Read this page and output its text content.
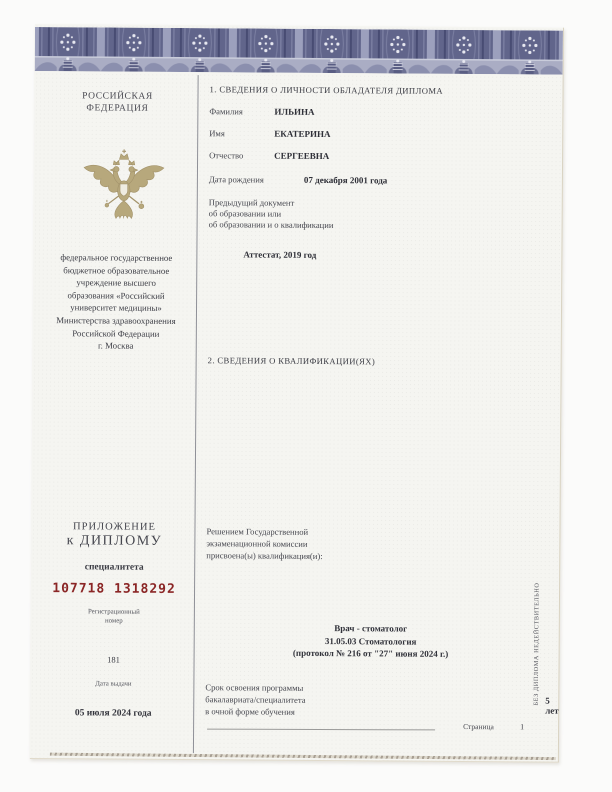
РОССИЙСКАЯ
ФЕДЕРАЦИЯ
федеральное государственное
бюджетное образовательное
учреждение высшего
образования «Российский
университет медицины»
Министерства здравоохранения
Российской Федерации
г. Москва
ПРИЛОЖЕНИЕ
к ДИПЛОМУ
специалитета
107718 1318292
Регистрационный
номер
181
Дата выдачи
05 июля 2024 года
1. СВЕДЕНИЯ О ЛИЧНОСТИ ОБЛАДАТЕЛЯ ДИПЛОМА
Фамилия	ИЛЬИНА
Имя	ЕКАТЕРИНА
Отчество	СЕРГЕЕВНА
Дата рождения	07 декабря 2001 года
Предыдущий документ
об образовании или
об образовании и о квалификации
Аттестат, 2019 год
2. СВЕДЕНИЯ О КВАЛИФИКАЦИИ(ЯХ)
Решением Государственной
экзаменационной комиссии
присвоена(ы) квалификация(и):
Врач - стоматолог
31.05.03 Стоматология
(протокол № 216 от "27" июня 2024 г.)
Срок освоения программы
бакалавриата/специалитета
в очной форме обучения
5 лет
Страница	1
БЕЗ ДИПЛОМА НЕДЕЙСТВИТЕЛЬНО
